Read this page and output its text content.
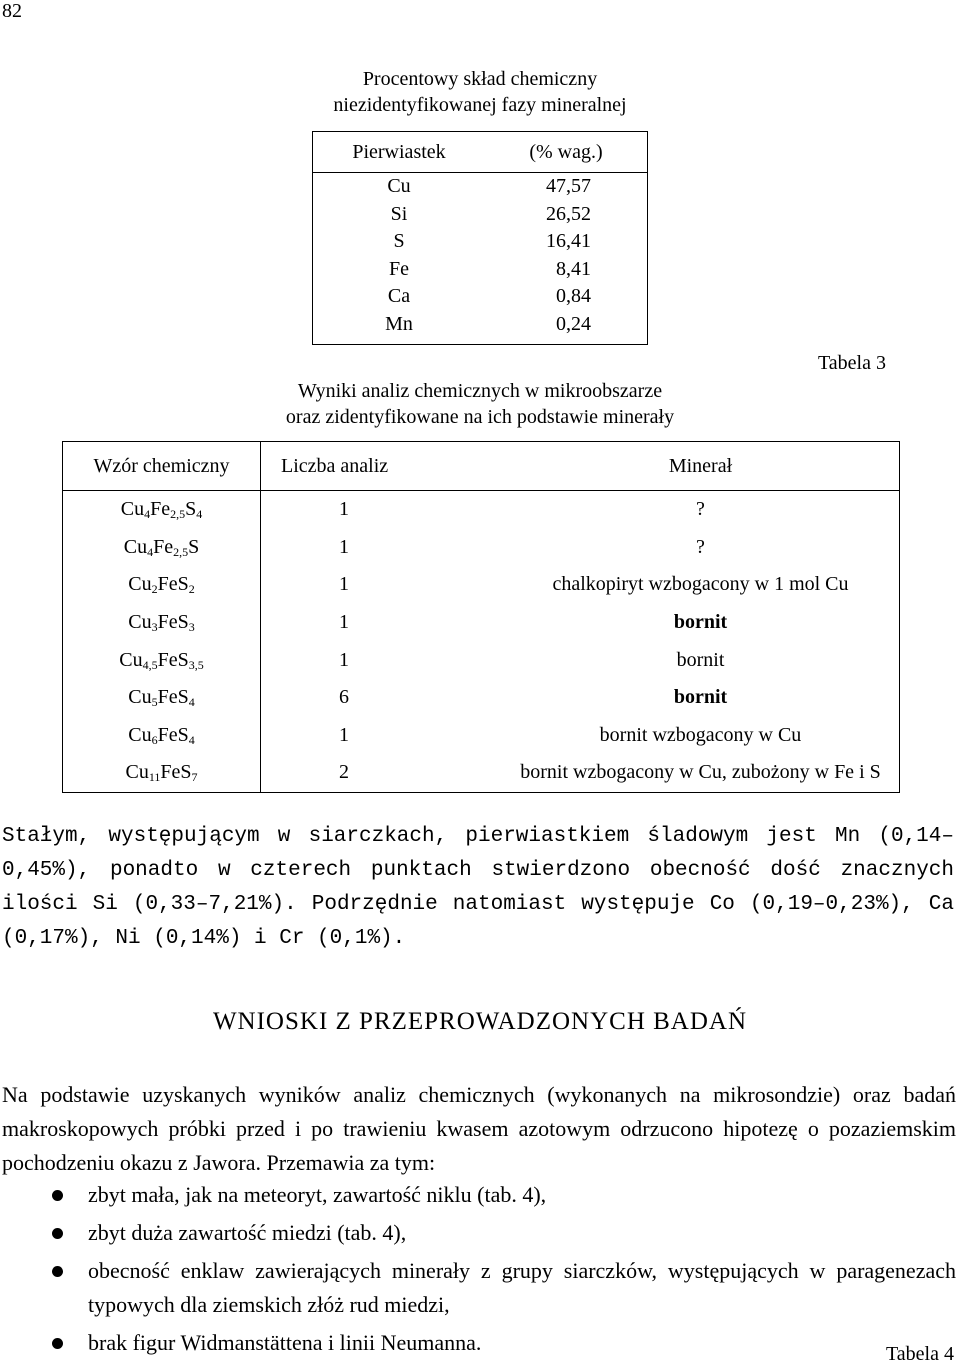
82
Procentowy skład chemiczny
niezidentyfikowanej fazy mineralnej
Pierwiastek	(% wag.)
Cu	47,57
Si	26,52
S	16,41
Fe	8,41
Ca	0,84
Mn	0,24
Tabela 3
Wyniki analiz chemicznych w mikroobszarze
oraz zidentyfikowane na ich podstawie minerały
Wzór chemiczny	Liczba analiz	Minerał
$Cu_4Fe_{2,5}S_4$	1	?
$Cu_4Fe_{2,5}S$	1	?
$Cu_2FeS_2$	1	chalkopiryt wzbogacony w 1 mol Cu
$Cu_3FeS_3$	1	bornit
$Cu_{4,5}FeS_{3,5}$	1	bornit
$Cu_5FeS_4$	6	bornit
$Cu_6FeS_4$	1	bornit wzbogacony w Cu
$Cu_{11}FeS_7$	2	bornit wzbogacony w Cu, zubożony w Fe i S
Stałym, występującym w siarczkach, pierwiastkiem śladowym jest Mn (0,14–0,45%), ponadto w czterech punktach stwierdzono obecność dość znacznych ilości Si (0,33–7,21%). Podrzędnie natomiast występuje Co (0,19–0,23%), Ca (0,17%), Ni (0,14%) i Cr (0,1%).
WNIOSKI Z PRZEPROWADZONYCH BADAŃ
Na podstawie uzyskanych wyników analiz chemicznych (wykonanych na mikrosondzie) oraz badań makroskopowych próbki przed i po trawieniu kwasem azotowym odrzucono hipotezę o pozaziemskim pochodzeniu okazu z Jawora. Przemawia za tym:
zbyt mała, jak na meteoryt, zawartość niklu (tab. 4),
zbyt duża zawartość miedzi (tab. 4),
obecność enklaw zawierających minerały z grupy siarczków, występujących w paragenezach typowych dla ziemskich złóż rud miedzi,
brak figur Widmanstättena i linii Neumanna.	Tabela 4
